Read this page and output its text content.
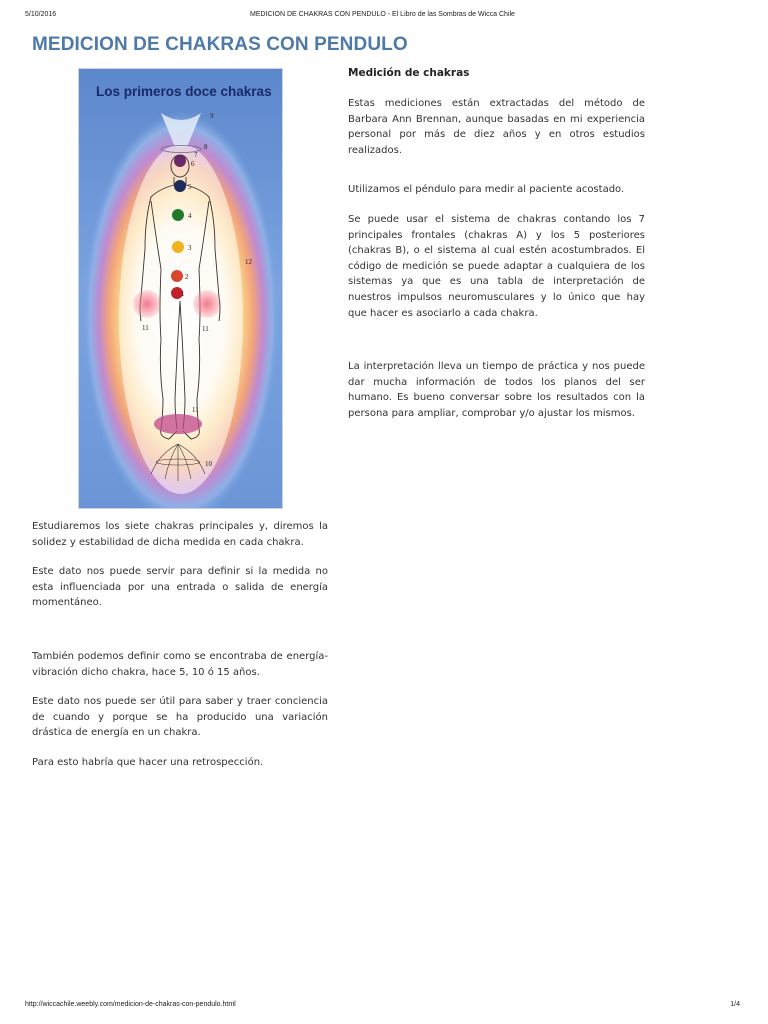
5/10/2016	MEDICION DE CHAKRAS CON PENDULO - El Libro de las Sombras de Wicca Chile
MEDICION DE CHAKRAS CON PENDULO
Los primeros doce chakras
9
8
7
6
5
4
3
2
1
12
11	11
11
10
Medición de chakras

Estas mediciones están extractadas del método de Barbara Ann Brennan, aunque basadas en mi experiencia personal por más de diez años y en otros estudios realizados.

Utilizamos el péndulo para medir al paciente acostado.

Se puede usar el sistema de chakras contando los 7 principales frontales (chakras A) y los 5 posteriores (chakras B), o el sistema al cual estén acostumbrados. El código de medición se puede adaptar a cualquiera de los sistemas ya que es una tabla de interpretación de nuestros impulsos neuromusculares y lo único que hay que hacer es asociarlo a cada chakra.

La interpretación lleva un tiempo de práctica y nos puede dar mucha información de todos los planos del ser humano. Es bueno conversar sobre los resultados con la persona para ampliar, comprobar y/o ajustar los mismos.

Estudiaremos los siete chakras principales y, diremos la solidez y estabilidad de dicha medida en cada chakra.

Este dato nos puede servir para definir si la medida no esta influenciada por una entrada o salida de energía momentáneo.

También podemos definir como se encontraba de energía-vibración dicho chakra, hace 5, 10 ó 15 años.

Este dato nos puede ser útil para saber y traer conciencia de cuando y porque se ha producido una variación drástica de energía en un chakra.

Para esto habría que hacer una retrospección.

http://wiccachile.weebly.com/medicion-de-chakras-con-pendulo.html	1/4
